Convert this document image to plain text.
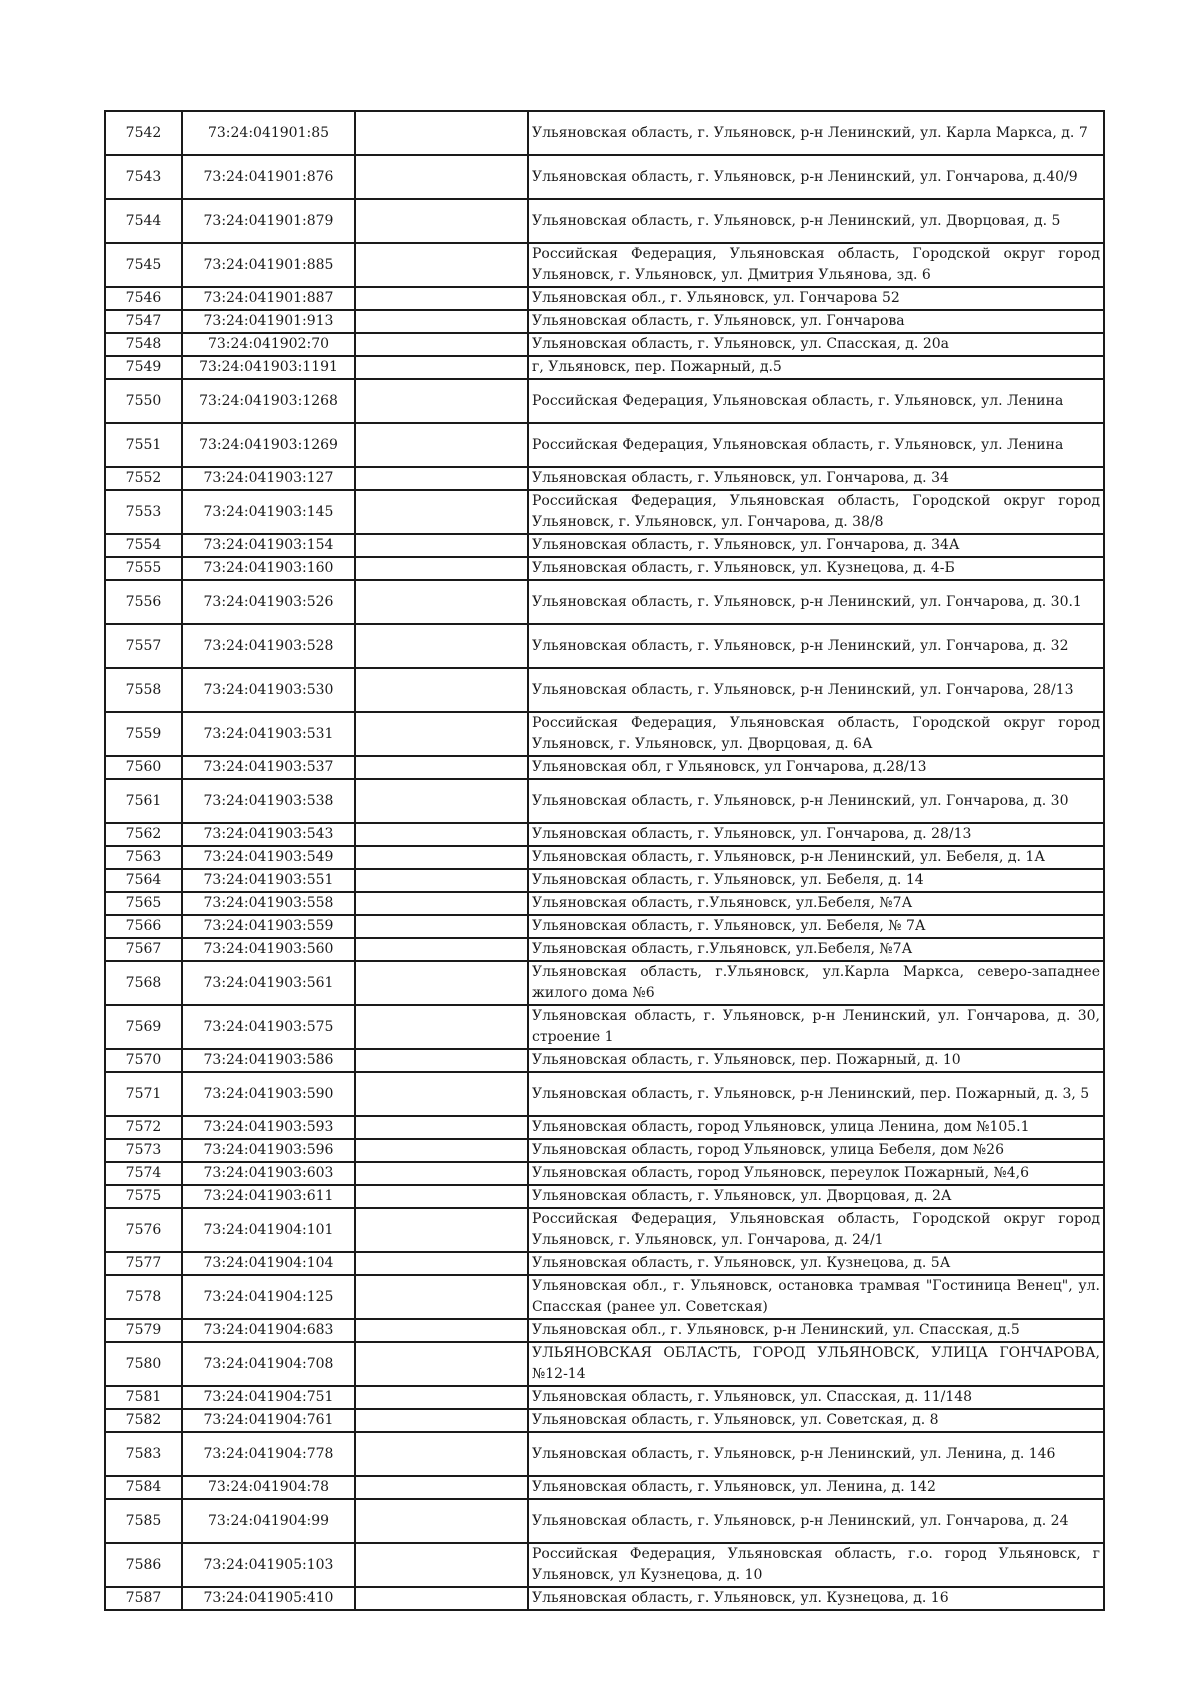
7542	73:24:041901:85		Ульяновская область, г. Ульяновск, р-н Ленинский, ул. Карла Маркса, д. 7
7543	73:24:041901:876		Ульяновская область, г. Ульяновск, р-н Ленинский, ул. Гончарова, д.40/9
7544	73:24:041901:879		Ульяновская область, г. Ульяновск, р-н Ленинский, ул. Дворцовая, д. 5
7545	73:24:041901:885		Российская Федерация, Ульяновская область, Городской округ город Ульяновск, г. Ульяновск, ул. Дмитрия Ульянова, зд. 6
7546	73:24:041901:887		Ульяновская обл., г. Ульяновск, ул. Гончарова 52
7547	73:24:041901:913		Ульяновская область, г. Ульяновск, ул. Гончарова
7548	73:24:041902:70		Ульяновская область, г. Ульяновск, ул. Спасская, д. 20а
7549	73:24:041903:1191		г, Ульяновск, пер. Пожарный, д.5
7550	73:24:041903:1268		Российская Федерация, Ульяновская область, г. Ульяновск, ул. Ленина
7551	73:24:041903:1269		Российская Федерация, Ульяновская область, г. Ульяновск, ул. Ленина
7552	73:24:041903:127		Ульяновская область, г. Ульяновск, ул. Гончарова, д. 34
7553	73:24:041903:145		Российская Федерация, Ульяновская область, Городской округ город Ульяновск, г. Ульяновск, ул. Гончарова, д. 38/8
7554	73:24:041903:154		Ульяновская область, г. Ульяновск, ул. Гончарова, д. 34А
7555	73:24:041903:160		Ульяновская область, г. Ульяновск, ул. Кузнецова, д. 4-Б
7556	73:24:041903:526		Ульяновская область, г. Ульяновск, р-н Ленинский, ул. Гончарова, д. 30.1
7557	73:24:041903:528		Ульяновская область, г. Ульяновск, р-н Ленинский, ул. Гончарова, д. 32
7558	73:24:041903:530		Ульяновская область, г. Ульяновск, р-н Ленинский, ул. Гончарова, 28/13
7559	73:24:041903:531		Российская Федерация, Ульяновская область, Городской округ город Ульяновск, г. Ульяновск, ул. Дворцовая, д. 6А
7560	73:24:041903:537		Ульяновская обл, г Ульяновск, ул Гончарова, д.28/13
7561	73:24:041903:538		Ульяновская область, г. Ульяновск, р-н Ленинский, ул. Гончарова, д. 30
7562	73:24:041903:543		Ульяновская область, г. Ульяновск, ул. Гончарова, д. 28/13
7563	73:24:041903:549		Ульяновская область, г. Ульяновск, р-н Ленинский, ул. Бебеля, д. 1А
7564	73:24:041903:551		Ульяновская область, г. Ульяновск, ул. Бебеля, д. 14
7565	73:24:041903:558		Ульяновская область, г.Ульяновск, ул.Бебеля, №7А
7566	73:24:041903:559		Ульяновская область, г. Ульяновск, ул. Бебеля, № 7А
7567	73:24:041903:560		Ульяновская область, г.Ульяновск, ул.Бебеля, №7А
7568	73:24:041903:561		Ульяновская область, г.Ульяновск, ул.Карла Маркса, северо-западнее жилого дома №6
7569	73:24:041903:575		Ульяновская область, г. Ульяновск, р-н Ленинский, ул. Гончарова, д. 30, строение 1
7570	73:24:041903:586		Ульяновская область, г. Ульяновск, пер. Пожарный, д. 10
7571	73:24:041903:590		Ульяновская область, г. Ульяновск, р-н Ленинский, пер. Пожарный, д. 3, 5
7572	73:24:041903:593		Ульяновская область, город Ульяновск, улица Ленина, дом №105.1
7573	73:24:041903:596		Ульяновская область, город Ульяновск, улица Бебеля, дом №26
7574	73:24:041903:603		Ульяновская область, город Ульяновск, переулок Пожарный, №4,6
7575	73:24:041903:611		Ульяновская область, г. Ульяновск, ул. Дворцовая, д. 2А
7576	73:24:041904:101		Российская Федерация, Ульяновская область, Городской округ город Ульяновск, г. Ульяновск, ул. Гончарова, д. 24/1
7577	73:24:041904:104		Ульяновская область, г. Ульяновск, ул. Кузнецова, д. 5А
7578	73:24:041904:125		Ульяновская обл., г. Ульяновск, остановка трамвая "Гостиница Венец", ул. Спасская (ранее ул. Советская)
7579	73:24:041904:683		Ульяновская обл., г. Ульяновск, р-н Ленинский, ул. Спасская, д.5
7580	73:24:041904:708		УЛЬЯНОВСКАЯ ОБЛАСТЬ, ГОРОД УЛЬЯНОВСК, УЛИЦА ГОНЧАРОВА, №12-14
7581	73:24:041904:751		Ульяновская область, г. Ульяновск, ул. Спасская, д. 11/148
7582	73:24:041904:761		Ульяновская область, г. Ульяновск, ул. Советская, д. 8
7583	73:24:041904:778		Ульяновская область, г. Ульяновск, р-н Ленинский, ул. Ленина, д. 146
7584	73:24:041904:78		Ульяновская область, г. Ульяновск, ул. Ленина, д. 142
7585	73:24:041904:99		Ульяновская область, г. Ульяновск, р-н Ленинский, ул. Гончарова, д. 24
7586	73:24:041905:103		Российская Федерация, Ульяновская область, г.о. город Ульяновск, г Ульяновск, ул Кузнецова, д. 10
7587	73:24:041905:410		Ульяновская область, г. Ульяновск, ул. Кузнецова, д. 16
